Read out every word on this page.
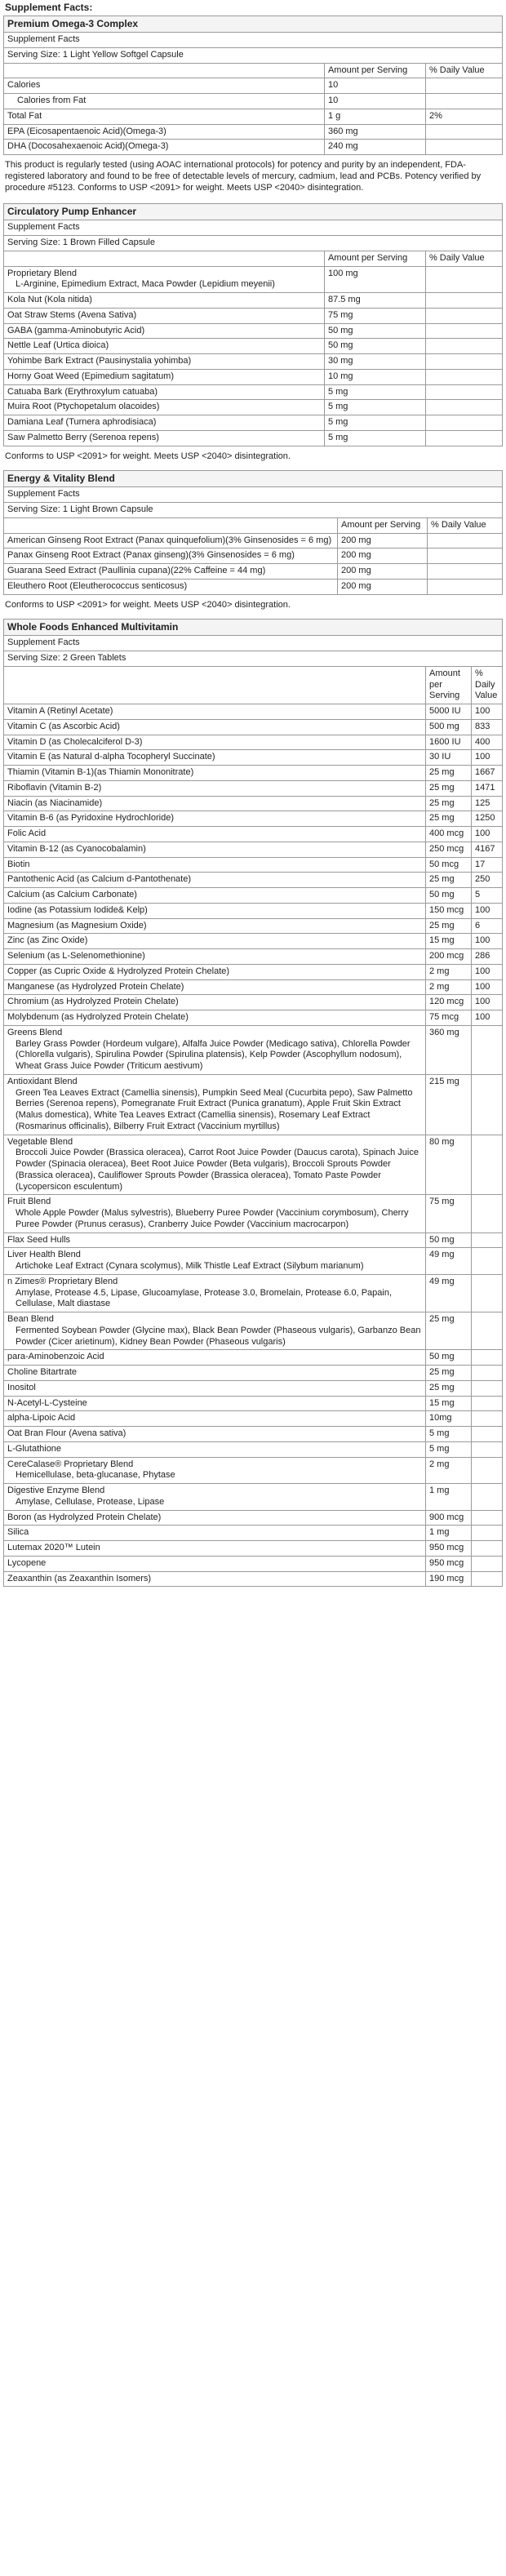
Supplement Facts:
Premium Omega-3 Complex		
Supplement Facts		
Serving Size: 1 Light Yellow Softgel Capsule		
	Amount per Serving	% Daily Value
Calories	10	
Calories from Fat	10	
Total Fat	1 g	2%
EPA (Eicosapentaenoic Acid)(Omega-3)	360 mg	
DHA (Docosahexaenoic Acid)(Omega-3)	240 mg	
This product is regularly tested (using AOAC international protocols) for potency and purity by an independent, FDA-registered laboratory and found to be free of detectable levels of mercury, cadmium, lead and PCBs. Potency verified by procedure #5123. Conforms to USP <2091> for weight. Meets USP <2040> disintegration.
Circulatory Pump Enhancer		
Supplement Facts		
Serving Size: 1 Brown Filled Capsule		
	Amount per Serving	% Daily Value
Proprietary Blend
L-Arginine, Epimedium Extract, Maca Powder (Lepidium meyenii)	100 mg	
Kola Nut (Kola nitida)	87.5 mg	
Oat Straw Stems (Avena Sativa)	75 mg	
GABA (gamma-Aminobutyric Acid)	50 mg	
Nettle Leaf (Urtica dioica)	50 mg	
Yohimbe Bark Extract (Pausinystalia yohimba)	30 mg	
Horny Goat Weed (Epimedium sagitatum)	10 mg	
Catuaba Bark (Erythroxylum catuaba)	5 mg	
Muira Root (Ptychopetalum olacoides)	5 mg	
Damiana Leaf (Turnera aphrodisiaca)	5 mg	
Saw Palmetto Berry (Serenoa repens)	5 mg	
Conforms to USP <2091> for weight. Meets USP <2040> disintegration.
Energy & Vitality Blend		
Supplement Facts		
Serving Size: 1 Light Brown Capsule		
	Amount per Serving	% Daily Value
American Ginseng Root Extract (Panax quinquefolium)(3% Ginsenosides = 6 mg)	200 mg	
Panax Ginseng Root Extract (Panax ginseng)(3% Ginsenosides = 6 mg)	200 mg	
Guarana Seed Extract (Paullinia cupana)(22% Caffeine = 44 mg)	200 mg	
Eleuthero Root (Eleutherococcus senticosus)	200 mg	
Conforms to USP <2091> for weight. Meets USP <2040> disintegration.
Whole Foods Enhanced Multivitamin		
Supplement Facts		
Serving Size: 2 Green Tablets		
	Amount per Serving	% Daily Value
Vitamin A (Retinyl Acetate)	5000 IU	100
Vitamin C (as Ascorbic Acid)	500 mg	833
Vitamin D (as Cholecalciferol D-3)	1600 IU	400
Vitamin E (as Natural d-alpha Tocopheryl Succinate)	30 IU	100
Thiamin (Vitamin B-1)(as Thiamin Mononitrate)	25 mg	1667
Riboflavin (Vitamin B-2)	25 mg	1471
Niacin (as Niacinamide)	25 mg	125
Vitamin B-6 (as Pyridoxine Hydrochloride)	25 mg	1250
Folic Acid	400 mcg	100
Vitamin B-12 (as Cyanocobalamin)	250 mcg	4167
Biotin	50 mcg	17
Pantothenic Acid (as Calcium d-Pantothenate)	25 mg	250
Calcium (as Calcium Carbonate)	50 mg	5
Iodine (as Potassium Iodide& Kelp)	150 mcg	100
Magnesium (as Magnesium Oxide)	25 mg	6
Zinc (as Zinc Oxide)	15 mg	100
Selenium (as L-Selenomethionine)	200 mcg	286
Copper (as Cupric Oxide & Hydrolyzed Protein Chelate)	2 mg	100
Manganese (as Hydrolyzed Protein Chelate)	2 mg	100
Chromium (as Hydrolyzed Protein Chelate)	120 mcg	100
Molybdenum (as Hydrolyzed Protein Chelate)	75 mcg	100
Greens Blend
Barley Grass Powder (Hordeum vulgare), Alfalfa Juice Powder (Medicago sativa), Chlorella Powder (Chlorella vulgaris), Spirulina Powder (Spirulina platensis), Kelp Powder (Ascophyllum nodosum), Wheat Grass Juice Powder (Triticum aestivum)	360 mg	
Antioxidant Blend
Green Tea Leaves Extract (Camellia sinensis), Pumpkin Seed Meal (Cucurbita pepo), Saw Palmetto Berries (Serenoa repens), Pomegranate Fruit Extract (Punica granatum), Apple Fruit Skin Extract (Malus domestica), White Tea Leaves Extract (Camellia sinensis), Rosemary Leaf Extract (Rosmarinus officinalis), Bilberry Fruit Extract (Vaccinium myrtillus)	215 mg	
Vegetable Blend
Broccoli Juice Powder (Brassica oleracea), Carrot Root Juice Powder (Daucus carota), Spinach Juice Powder (Spinacia oleracea), Beet Root Juice Powder (Beta vulgaris), Broccoli Sprouts Powder (Brassica oleracea), Cauliflower Sprouts Powder (Brassica oleracea), Tomato Paste Powder (Lycopersicon esculentum)	80 mg	
Fruit Blend
Whole Apple Powder (Malus sylvestris), Blueberry Puree Powder (Vaccinium corymbosum), Cherry Puree Powder (Prunus cerasus), Cranberry Juice Powder (Vaccinium macrocarpon)	75 mg	
Flax Seed Hulls	50 mg	
Liver Health Blend
Artichoke Leaf Extract (Cynara scolymus), Milk Thistle Leaf Extract (Silybum marianum)	49 mg	
n Zimes® Proprietary Blend
Amylase, Protease 4.5, Lipase, Glucoamylase, Protease 3.0, Bromelain, Protease 6.0, Papain, Cellulase, Malt diastase	49 mg	
Bean Blend
Fermented Soybean Powder (Glycine max), Black Bean Powder (Phaseous vulgaris), Garbanzo Bean Powder (Cicer arietinum), Kidney Bean Powder (Phaseous vulgaris)	25 mg	
para-Aminobenzoic Acid	50 mg	
Choline Bitartrate	25 mg	
Inositol	25 mg	
N-Acetyl-L-Cysteine	15 mg	
alpha-Lipoic Acid	10mg	
Oat Bran Flour (Avena sativa)	5 mg	
L-Glutathione	5 mg	
CereCalase® Proprietary Blend
Hemicellulase, beta-glucanase, Phytase	2 mg	
Digestive Enzyme Blend
Amylase, Cellulase, Protease, Lipase	1 mg	
Boron (as Hydrolyzed Protein Chelate)	900 mcg	
Silica	1 mg	
Lutemax 2020™ Lutein	950 mcg	
Lycopene	950 mcg	
Zeaxanthin (as Zeaxanthin Isomers)	190 mcg	
